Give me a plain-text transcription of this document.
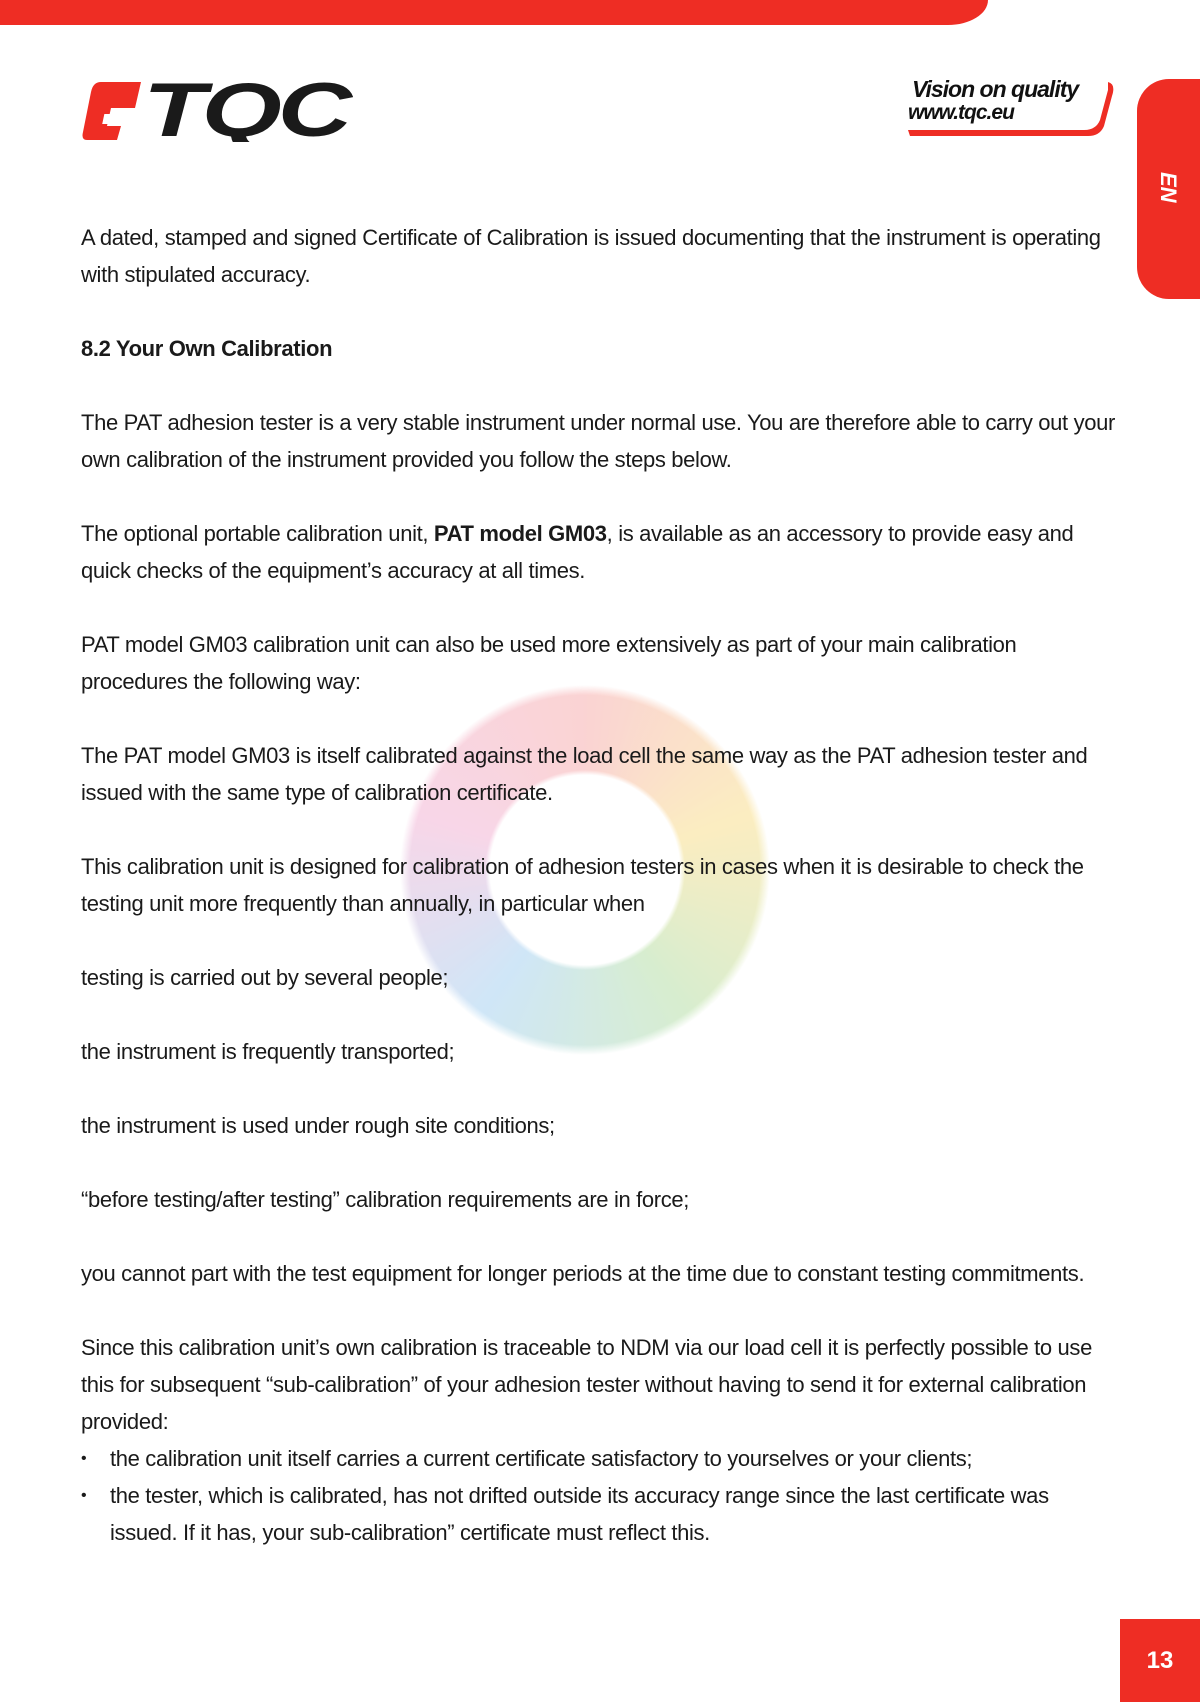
TQC	Vision on quality
www.tqc.eu
EN

A dated, stamped and signed Certificate of Calibration is issued documenting that the instrument is operating with stipulated accuracy.

8.2 Your Own Calibration

The PAT adhesion tester is a very stable instrument under normal use. You are therefore able to carry out your own calibration of the instrument provided you follow the steps below.

The optional portable calibration unit, PAT model GM03, is available as an accessory to provide easy and quick checks of the equipment’s accuracy at all times.

PAT model GM03 calibration unit can also be used more extensively as part of your main calibration procedures the following way:

The PAT model GM03 is itself calibrated against the load cell the same way as the PAT adhesion tester and issued with the same type of calibration certificate.

This calibration unit is designed for calibration of adhesion testers in cases when it is desirable to check the testing unit more frequently than annually, in particular when

testing is carried out by several people;

the instrument is frequently transported;

the instrument is used under rough site conditions;

“before testing/after testing” calibration requirements are in force;

you cannot part with the test equipment for longer periods at the time due to constant testing commitments.

Since this calibration unit’s own calibration is traceable to NDM via our load cell it is perfectly possible to use this for subsequent “sub-calibration” of your adhesion tester without having to send it for external calibration provided:

• the calibration unit itself carries a current certificate satisfactory to yourselves or your clients;
• the tester, which is calibrated, has not drifted outside its accuracy range since the last certificate was issued. If it has, your sub-calibration” certificate must reflect this.
13
